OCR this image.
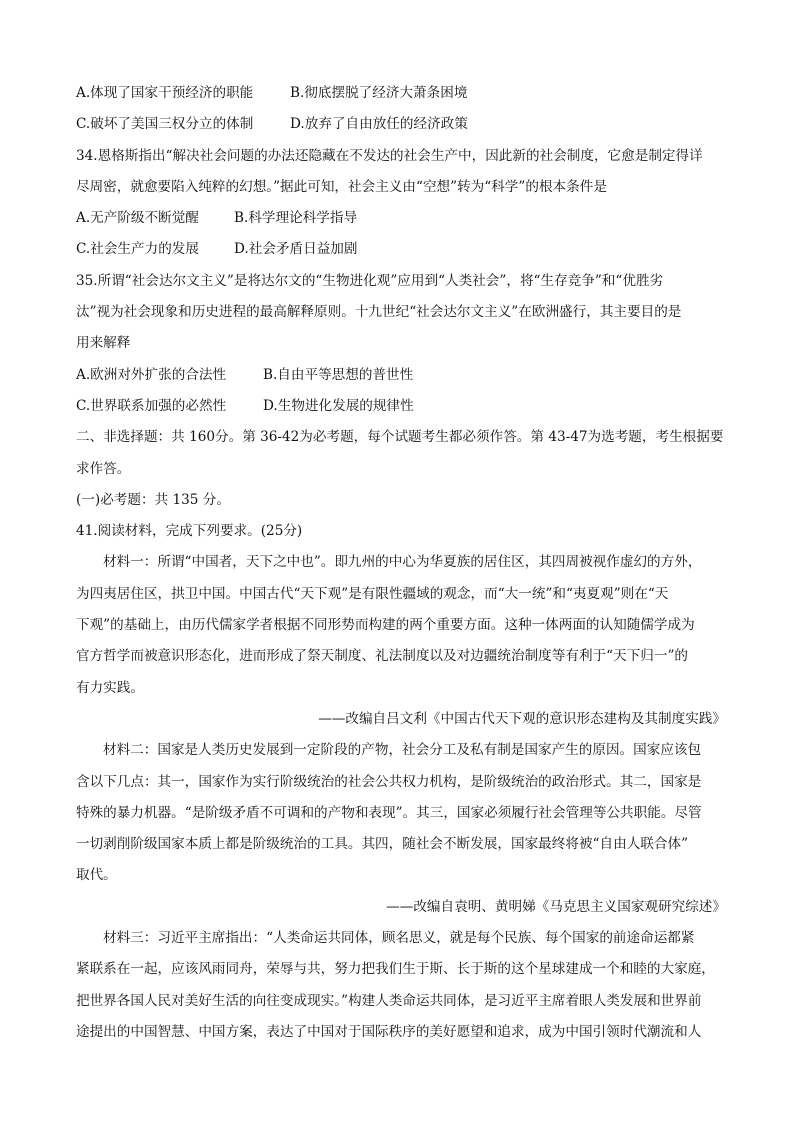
A.体现了国家干预经济的职能	B.彻底摆脱了经济大萧条困境
C.破坏了美国三权分立的体制	D.放弃了自由放任的经济政策
34.恩格斯指出“解决社会问题的办法还隐藏在不发达的社会生产中，因此新的社会制度，它愈是制定得详
尽周密，就愈要陷入纯粹的幻想。”据此可知，社会主义由“空想”转为“科学”的根本条件是
A.无产阶级不断觉醒	B.科学理论科学指导
C.社会生产力的发展	D.社会矛盾日益加剧
35.所谓“社会达尔文主义”是将达尔文的“生物进化观”应用到“人类社会”，将“生存竞争”和“优胜劣
汰”视为社会现象和历史进程的最高解释原则。十九世纪“社会达尔文主义”在欧洲盛行，其主要目的是
用来解释
A.欧洲对外扩张的合法性	B.自由平等思想的普世性
C.世界联系加强的必然性	D.生物进化发展的规律性
二、非选择题：共 160分。第 36-42为必考题，每个试题考生都必须作答。第 43-47为选考题，考生根据要
求作答。
(一)必考题：共 135 分。
41.阅读材料，完成下列要求。(25分)
材料一：所谓“中国者，天下之中也”。即九州的中心为华夏族的居住区，其四周被视作虚幻的方外，
为四夷居住区，拱卫中国。中国古代“天下观”是有限性疆域的观念，而“大一统”和“夷夏观”则在“天
下观”的基础上，由历代儒家学者根据不同形势而构建的两个重要方面。这种一体两面的认知随儒学成为
官方哲学而被意识形态化，进而形成了祭天制度、礼法制度以及对边疆统治制度等有利于“天下归一”的
有力实践。
——改编自吕文利《中国古代天下观的意识形态建构及其制度实践》
材料二：国家是人类历史发展到一定阶段的产物，社会分工及私有制是国家产生的原因。国家应该包
含以下几点：其一，国家作为实行阶级统治的社会公共权力机构，是阶级统治的政治形式。其二，国家是
特殊的暴力机器。“是阶级矛盾不可调和的产物和表现”。其三，国家必须履行社会管理等公共职能。尽管
一切剥削阶级国家本质上都是阶级统治的工具。其四，随社会不断发展，国家最终将被“自由人联合体”
取代。
——改编自袁明、黄明娣《马克思主义国家观研究综述》
材料三：习近平主席指出：“人类命运共同体，顾名思义，就是每个民族、每个国家的前途命运都紧
紧联系在一起，应该风雨同舟，荣辱与共，努力把我们生于斯、长于斯的这个星球建成一个和睦的大家庭，
把世界各国人民对美好生活的向往变成现实。”构建人类命运共同体，是习近平主席着眼人类发展和世界前
途提出的中国智慧、中国方案，表达了中国对于国际秩序的美好愿望和追求，成为中国引领时代潮流和人
